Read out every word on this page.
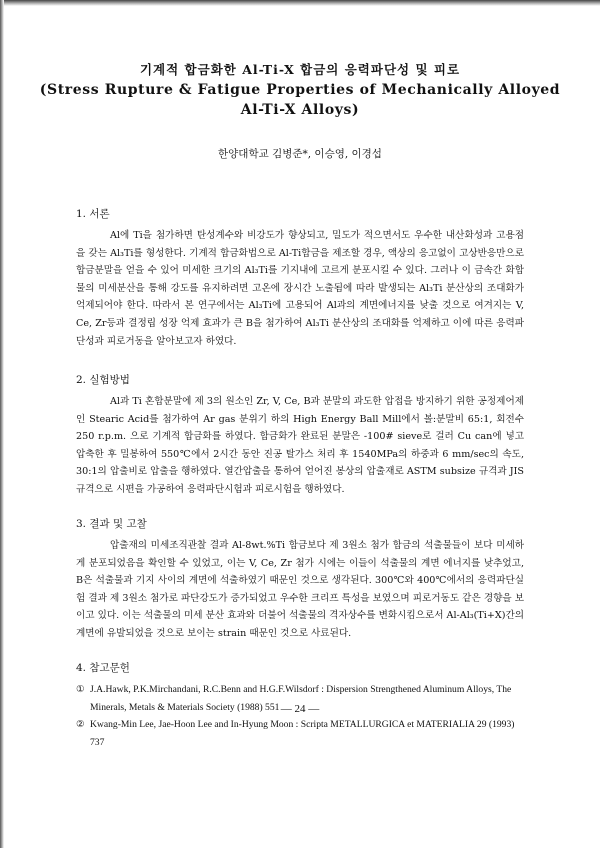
기계적 합금화한 Al-Ti-X 합금의 응력파단성 및 피로
(Stress Rupture & Fatigue Properties of Mechanically Alloyed
Al-Ti-X Alloys)
한양대학교 김병준*, 이승영, 이경섭

1. 서론

Al에 Ti을 첨가하면 탄성계수와 비강도가 향상되고, 밀도가 적으면서도 우수한 내산화성과 고용점을 갖는 Al₃Ti를 형성한다. 기계적 합금화법으로 Al-Ti합금을 제조할 경우, 액상의 응고없이 고상반응만으로 합금분말을 얻을 수 있어 미세한 크기의 Al₃Ti를 기지내에 고르게 분포시킬 수 있다. 그러나 이 금속간 화합물의 미세분산을 통해 강도를 유지하려면 고온에 장시간 노출됨에 따라 발생되는 Al₃Ti 분산상의 조대화가 억제되어야 한다. 따라서 본 연구에서는 Al₃Ti에 고용되어 Al과의 계면에너지를 낮출 것으로 여겨지는 V, Ce, Zr등과 결정립 성장 억제 효과가 큰 B을 첨가하여 Al₃Ti 분산상의 조대화를 억제하고 이에 따른 응력파단성과 피로거동을 알아보고자 하였다.

2. 실험방법

Al과 Ti 혼합분말에 제 3의 원소인 Zr, V, Ce, B과 분말의 과도한 압접을 방지하기 위한 공정제어제인 Stearic Acid를 첨가하여 Ar gas 분위기 하의 High Energy Ball Mill에서 볼:분말비 65:1, 회전수 250 r.p.m. 으로 기계적 합금화를 하였다. 합금화가 완료된 분말은 -100# sieve로 걸러 Cu can에 넣고 압축한 후 밀봉하여 550℃에서 2시간 동안 진공 탈가스 처리 후 1540MPa의 하중과 6 mm/sec의 속도, 30:1의 압출비로 압출을 행하였다. 열간압출을 통하여 얻어진 봉상의 압출재로 ASTM subsize 규격과 JIS 규격으로 시편을 가공하여 응력파단시험과 피로시험을 행하였다.

3. 결과 및 고찰

압출재의 미세조직관찰 결과 Al-8wt.%Ti 합금보다 제 3원소 첨가 합금의 석출물들이 보다 미세하게 분포되었음을 확인할 수 있었고, 이는 V, Ce, Zr 첨가 시에는 이들이 석출물의 계면 에너지를 낮추었고, B은 석출물과 기지 사이의 계면에 석출하였기 때문인 것으로 생각된다. 300℃와 400℃에서의 응력파단실험 결과 제 3원소 첨가로 파단강도가 증가되었고 우수한 크리프 특성을 보였으며 피로거동도 같은 경향을 보이고 있다. 이는 석출물의 미세 분산 효과와 더불어 석출물의 격자상수를 변화시킴으로서 Al-Al₃(Ti+X)간의 계면에 유발되었을 것으로 보이는 strain 때문인 것으로 사료된다.

4. 참고문헌

① J.A.Hawk, P.K.Mirchandani, R.C.Benn and H.G.F.Wilsdorf : Dispersion Strengthened Aluminum Alloys, The Minerals, Metals & Materials Society (1988) 551

② Kwang-Min Lee, Jae-Hoon Lee and In-Hyung Moon : Scripta METALLURGICA et MATERIALIA 29 (1993) 737

— 24 —
